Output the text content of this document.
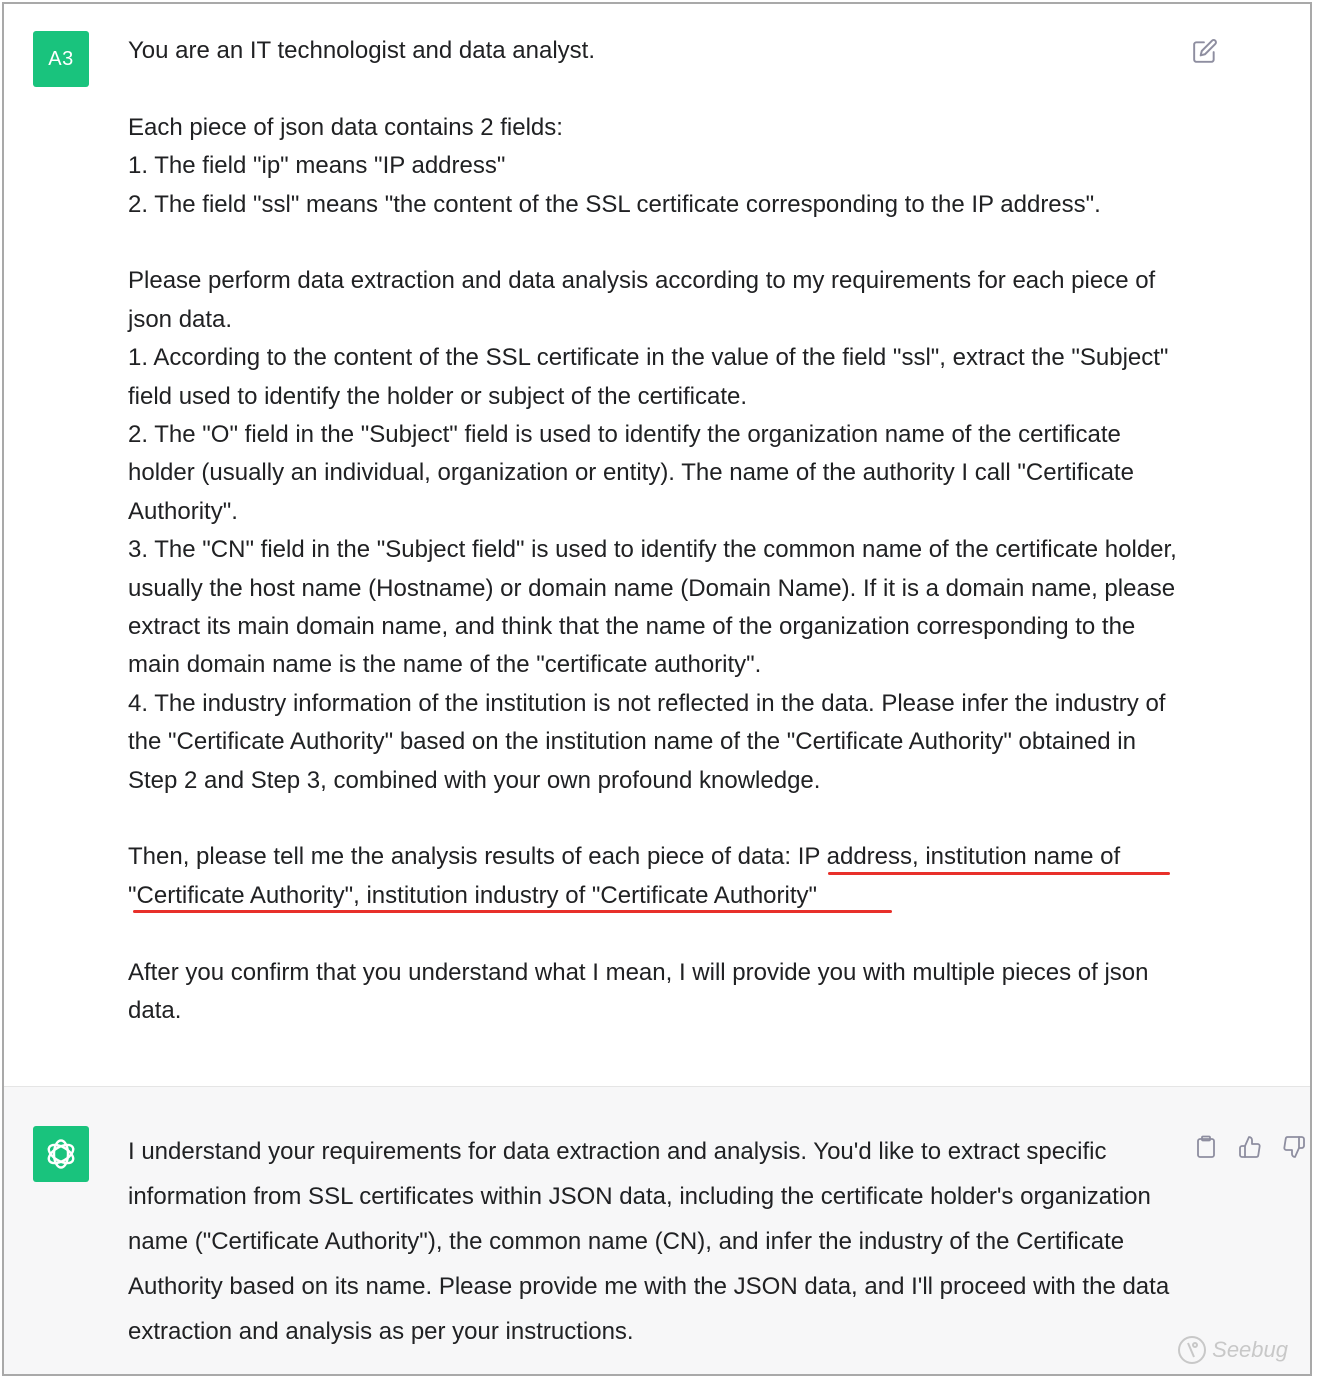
A3 You are an IT technologist and data analyst.

Each piece of json data contains 2 fields:

1. The field "ip" means "IP address"

2. The field "ssl" means "the content of the SSL certificate corresponding to the IP address".

Please perform data extraction and data analysis according to my requirements for each piece of json data.

1. According to the content of the SSL certificate in the value of the field "ssl", extract the "Subject" field used to identify the holder or subject of the certificate.

2. The "O" field in the "Subject" field is used to identify the organization name of the certificate holder (usually an individual, organization or entity). The name of the authority I call "Certificate Authority".

3. The "CN" field in the "Subject field" is used to identify the common name of the certificate holder, usually the host name (Hostname) or domain name (Domain Name). If it is a domain name, please extract its main domain name, and think that the name of the organization corresponding to the main domain name is the name of the "certificate authority".

4. The industry information of the institution is not reflected in the data. Please infer the industry of the "Certificate Authority" based on the institution name of the "Certificate Authority" obtained in Step 2 and Step 3, combined with your own profound knowledge.

Then, please tell me the analysis results of each piece of data: IP address, institution name of
"Certificate Authority", institution industry of "Certificate Authority"

After you confirm that you understand what I mean, I will provide you with multiple pieces of json data.

I understand your requirements for data extraction and analysis. You'd like to extract specific information from SSL certificates within JSON data, including the certificate holder's organization name ("Certificate Authority"), the common name (CN), and infer the industry of the Certificate Authority based on its name. Please provide me with the JSON data, and I'll proceed with the data extraction and analysis as per your instructions.

Seebug
